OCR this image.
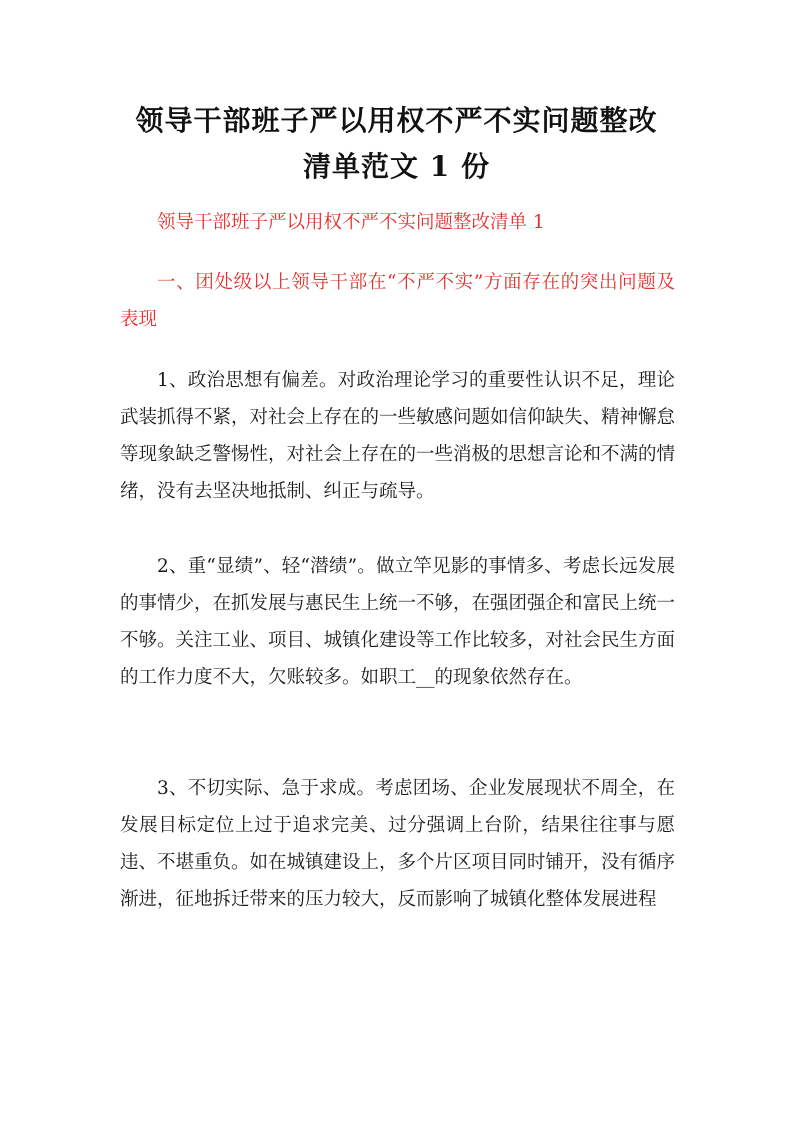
领导干部班子严以用权不严不实问题整改
清单范文 1 份

领导干部班子严以用权不严不实问题整改清单 1

一、团处级以上领导干部在“不严不实”方面存在的突出问题及表现

1、政治思想有偏差。对政治理论学习的重要性认识不足，理论武装抓得不紧，对社会上存在的一些敏感问题如信仰缺失、精神懈怠等现象缺乏警惕性，对社会上存在的一些消极的思想言论和不满的情绪，没有去坚决地抵制、纠正与疏导。

2、重“显绩”、轻“潜绩”。做立竿见影的事情多、考虑长远发展的事情少，在抓发展与惠民生上统一不够，在强团强企和富民上统一不够。关注工业、项目、城镇化建设等工作比较多，对社会民生方面的工作力度不大，欠账较多。如职工__的现象依然存在。

3、不切实际、急于求成。考虑团场、企业发展现状不周全，在发展目标定位上过于追求完美、过分强调上台阶，结果往往事与愿违、不堪重负。如在城镇建设上，多个片区项目同时铺开，没有循序渐进，征地拆迁带来的压力较大，反而影响了城镇化整体发展进程
